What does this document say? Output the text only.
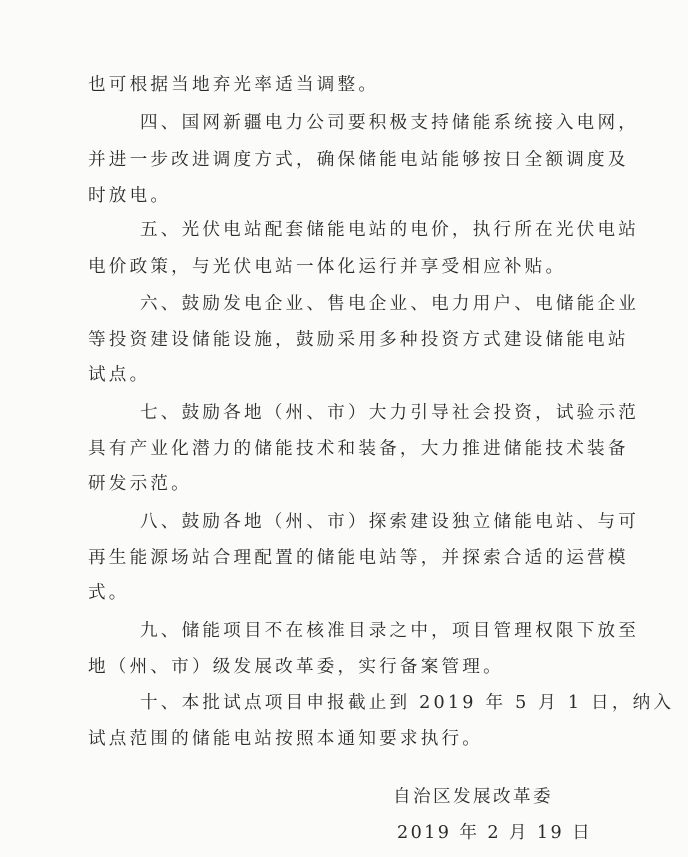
也可根据当地弃光率适当调整。
四、国网新疆电力公司要积极支持储能系统接入电网，
并进一步改进调度方式，确保储能电站能够按日全额调度及
时放电。
五、光伏电站配套储能电站的电价，执行所在光伏电站
电价政策，与光伏电站一体化运行并享受相应补贴。
六、鼓励发电企业、售电企业、电力用户、电储能企业
等投资建设储能设施，鼓励采用多种投资方式建设储能电站
试点。
七、鼓励各地（州、市）大力引导社会投资，试验示范
具有产业化潜力的储能技术和装备，大力推进储能技术装备
研发示范。
八、鼓励各地（州、市）探索建设独立储能电站、与可
再生能源场站合理配置的储能电站等，并探索合适的运营模
式。
九、储能项目不在核准目录之中，项目管理权限下放至
地（州、市）级发展改革委，实行备案管理。
十、本批试点项目申报截止到 2019 年 5 月 1 日，纳入
试点范围的储能电站按照本通知要求执行。
自治区发展改革委
2019 年 2 月 19 日
